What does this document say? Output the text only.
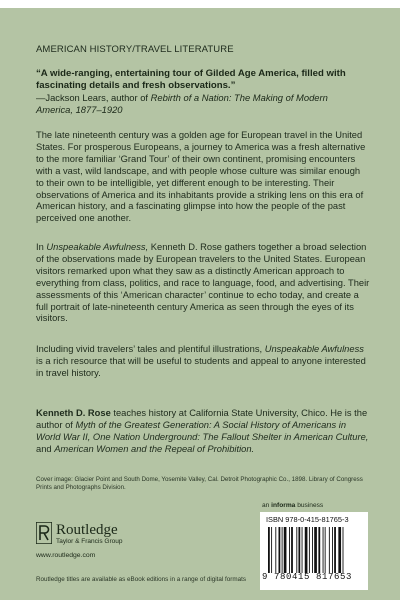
AMERICAN HISTORY/TRAVEL LITERATURE
“A wide-ranging, entertaining tour of Gilded Age America, filled with fascinating details and fresh observations.”
—Jackson Lears, author of Rebirth of a Nation: The Making of Modern America, 1877–1920
The late nineteenth century was a golden age for European travel in the United States. For prosperous Europeans, a journey to America was a fresh alternative to the more familiar ‘Grand Tour’ of their own continent, promising encounters with a vast, wild landscape, and with people whose culture was similar enough to their own to be intelligible, yet different enough to be interesting. Their observations of America and its inhabitants provide a striking lens on this era of American history, and a fascinating glimpse into how the people of the past perceived one another.
In Unspeakable Awfulness, Kenneth D. Rose gathers together a broad selection of the observations made by European travelers to the United States. European visitors remarked upon what they saw as a distinctly American approach to everything from class, politics, and race to language, food, and advertising. Their assessments of this ‘American character’ continue to echo today, and create a full portrait of late-nineteenth century America as seen through the eyes of its visitors.
Including vivid travelers’ tales and plentiful illustrations, Unspeakable Awfulness is a rich resource that will be useful to students and appeal to anyone interested in travel history.
Kenneth D. Rose teaches history at California State University, Chico. He is the author of Myth of the Greatest Generation: A Social History of Americans in World War II, One Nation Underground: The Fallout Shelter in American Culture, and American Women and the Repeal of Prohibition.
Cover image: Glacier Point and South Dome, Yosemite Valley, Cal. Detroit Photographic Co., 1898. Library of Congress Prints and Photographs Division.
Routledge
Taylor & Francis Group
www.routledge.com
Routledge titles are available as eBook editions in a range of digital formats
an informa business
ISBN 978-0-415-81765-3
9 780415 817653
